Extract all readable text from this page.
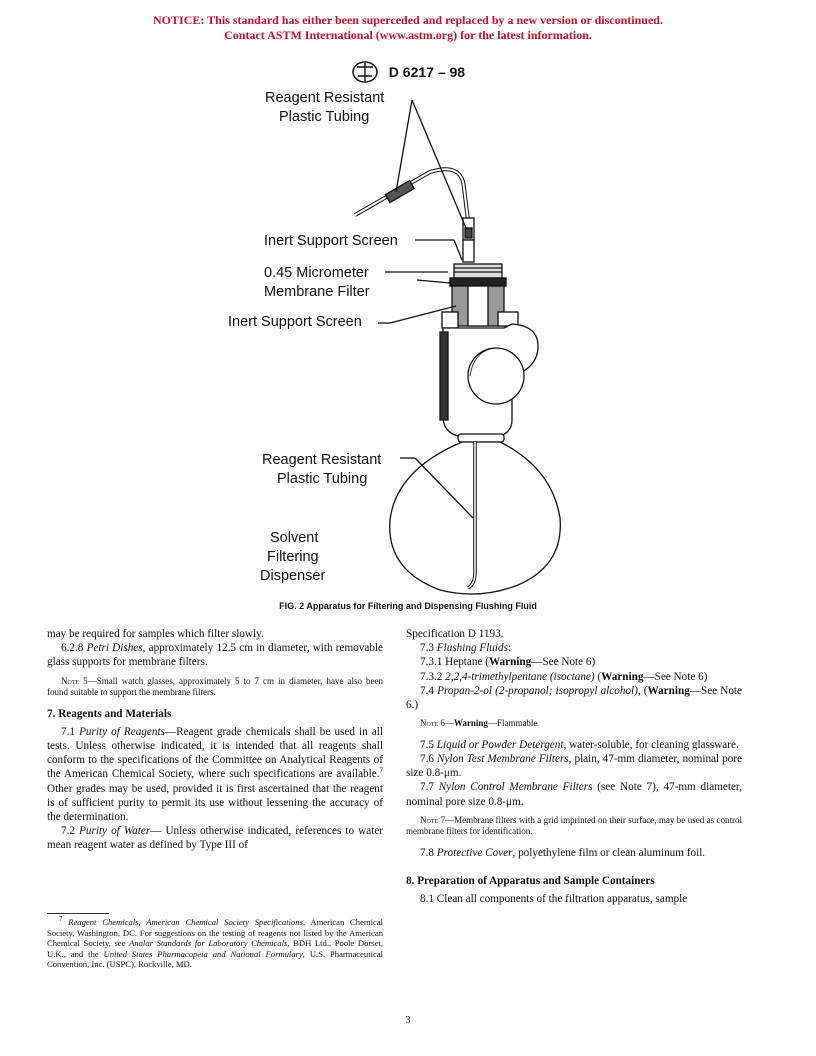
NOTICE: This standard has either been superceded and replaced by a new version or discontinued.
Contact ASTM International (www.astm.org) for the latest information.
D 6217 – 98
Reagent Resistant
Plastic Tubing
Inert Support Screen
0.45 Micrometer
Membrane Filter
Inert Support Screen
Reagent Resistant
Plastic Tubing
Solvent
Filtering
Dispenser
FIG. 2 Apparatus for Filtering and Dispensing Flushing Fluid

may be required for samples which filter slowly.

6.2.8 Petri Dishes, approximately 12.5 cm in diameter, with removable glass supports for membrane filters.

Note 5—Small watch glasses, approximately 5 to 7 cm in diameter, have also been found suitable to support the membrane filters.

7. Reagents and Materials

7.1 Purity of Reagents—Reagent grade chemicals shall be used in all tests. Unless otherwise indicated, it is intended that all reagents shall conform to the specifications of the Committee on Analytical Reagents of the American Chemical Society, where such specifications are available.$^7$ Other grades may be used, provided it is first ascertained that the reagent is of sufficient purity to permit its use without lessening the accuracy of the determination.

7.2 Purity of Water— Unless otherwise indicated, references to water mean reagent water as defined by Type III of

$^7$ Reagent Chemicals, American Chemical Society Specifications, American Chemical Society, Washington, DC. For suggestions on the testing of reagents not listed by the American Chemical Society, see Analar Standards for Laboratory Chemicals, BDH Ltd., Poole Dorset, U.K., and the United States Pharmacopeia and National Formulary, U.S. Pharmaceutical Convention, Inc. (USPC), Rockville, MD.

Specification D 1193.

7.3 Flushing Fluids:

7.3.1 Heptane (Warning—See Note 6)

7.3.2 2,2,4-trimethylpentane (isoctane) (Warning—See Note 6)

7.4 Propan-2-ol (2-propanol; isopropyl alcohol), (Warning—See Note 6.)

Note 6—Warning—Flammable

7.5 Liquid or Powder Detergent, water-soluble, for cleaning glassware.

7.6 Nylon Test Membrane Filters, plain, 47-mm diameter, nominal pore size 0.8-μm.

7.7 Nylon Control Membrane Filters (see Note 7), 47-mm diameter, nominal pore size 0.8-μm.

Note 7—Membrane filters with a grid imprinted on their surface, may be used as control membrane filters for identification.

7.8 Protective Cover, polyethylene film or clean aluminum foil.

8. Preparation of Apparatus and Sample Containers

8.1 Clean all components of the filtration apparatus, sample

3
